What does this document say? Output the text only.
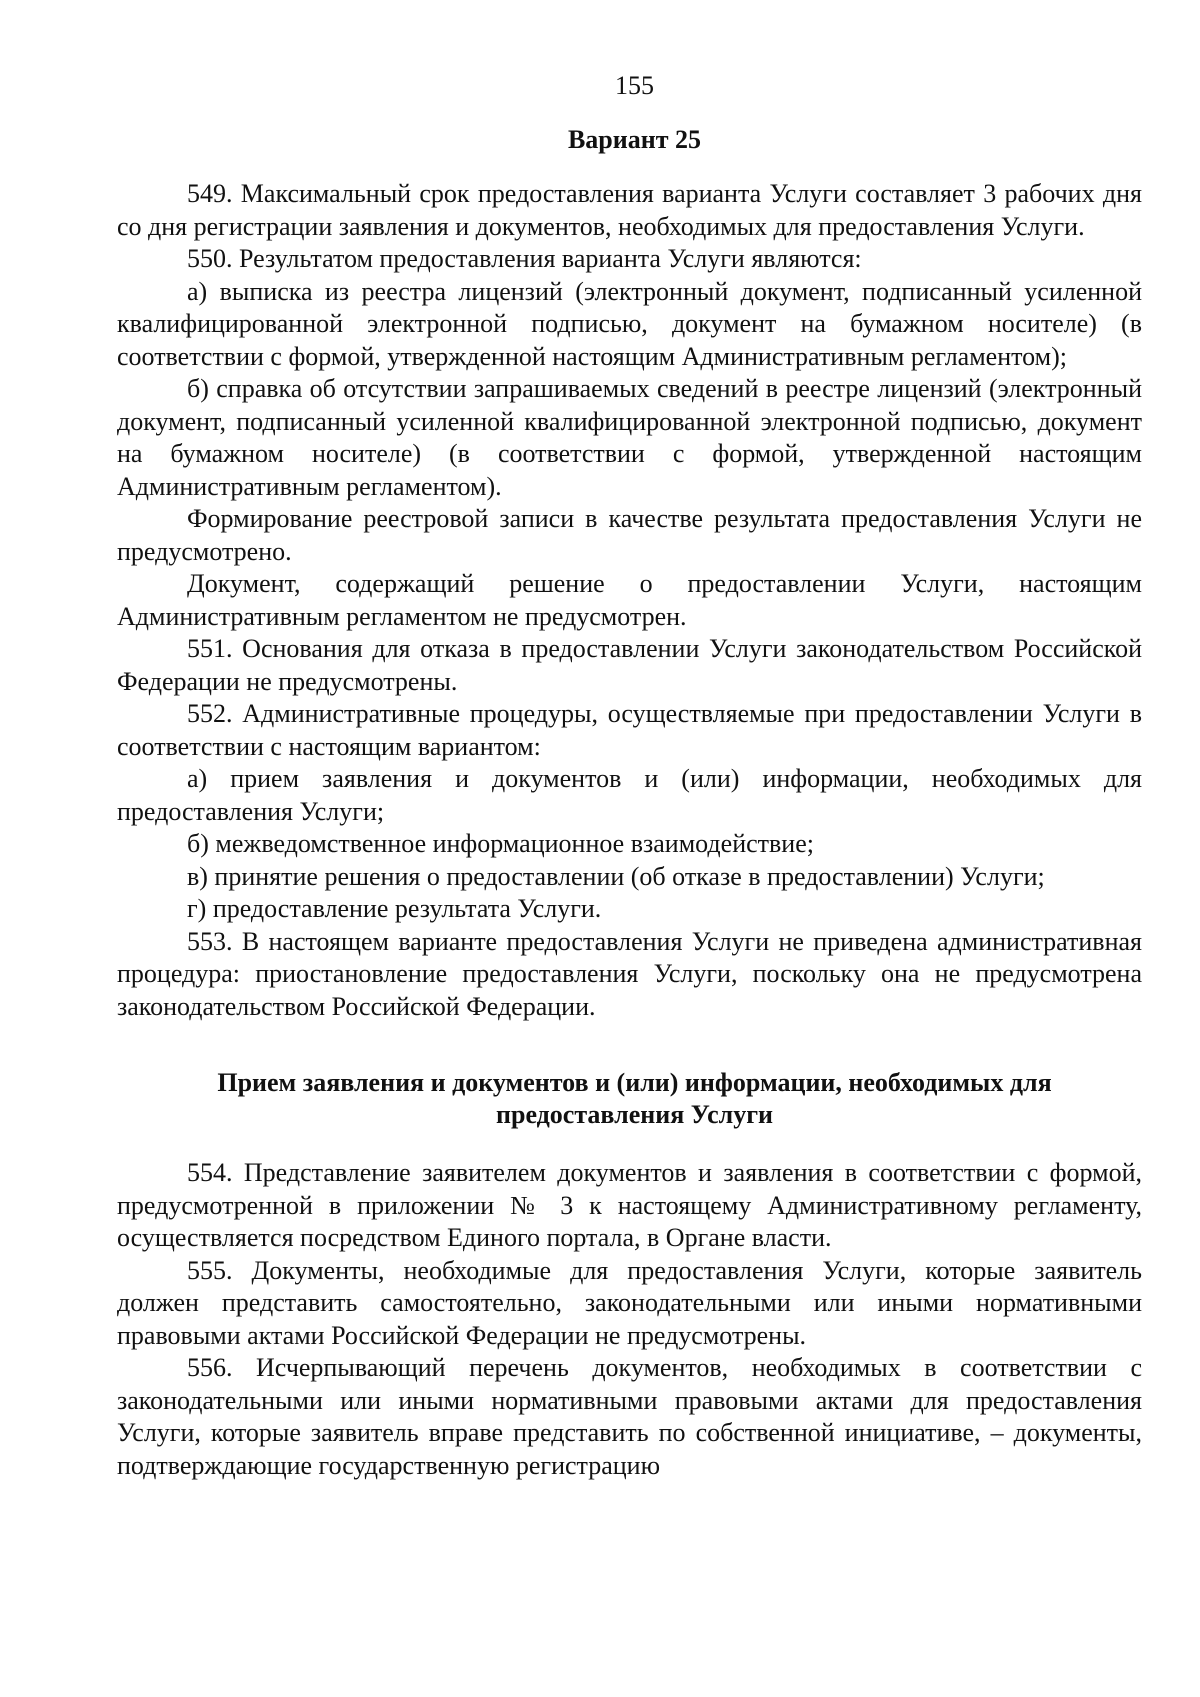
155
Вариант 25

549. Максимальный срок предоставления варианта Услуги составляет 3 рабочих дня со дня регистрации заявления и документов, необходимых для предоставления Услуги.

550. Результатом предоставления варианта Услуги являются:

а) выписка из реестра лицензий (электронный документ, подписанный усиленной квалифицированной электронной подписью, документ на бумажном носителе) (в соответствии с формой, утвержденной настоящим Административным регламентом);

б) справка об отсутствии запрашиваемых сведений в реестре лицензий (электронный документ, подписанный усиленной квалифицированной электронной подписью, документ на бумажном носителе) (в соответствии с формой, утвержденной настоящим Административным регламентом).

Формирование реестровой записи в качестве результата предоставления Услуги не предусмотрено.

Документ, содержащий решение о предоставлении Услуги, настоящим Административным регламентом не предусмотрен.

551. Основания для отказа в предоставлении Услуги законодательством Российской Федерации не предусмотрены.

552. Административные процедуры, осуществляемые при предоставлении Услуги в соответствии с настоящим вариантом:

а) прием заявления и документов и (или) информации, необходимых для предоставления Услуги;

б) межведомственное информационное взаимодействие;

в) принятие решения о предоставлении (об отказе в предоставлении) Услуги;

г) предоставление результата Услуги.

553. В настоящем варианте предоставления Услуги не приведена административная процедура: приостановление предоставления Услуги, поскольку она не предусмотрена законодательством Российской Федерации.

Прием заявления и документов и (или) информации, необходимых для предоставления Услуги

554. Представление заявителем документов и заявления в соответствии с формой, предусмотренной в приложении № 3 к настоящему Административному регламенту, осуществляется посредством Единого портала, в Органе власти.

555. Документы, необходимые для предоставления Услуги, которые заявитель должен представить самостоятельно, законодательными или иными нормативными правовыми актами Российской Федерации не предусмотрены.

556. Исчерпывающий перечень документов, необходимых в соответствии с законодательными или иными нормативными правовыми актами для предоставления Услуги, которые заявитель вправе представить по собственной инициативе, – документы, подтверждающие государственную регистрацию
